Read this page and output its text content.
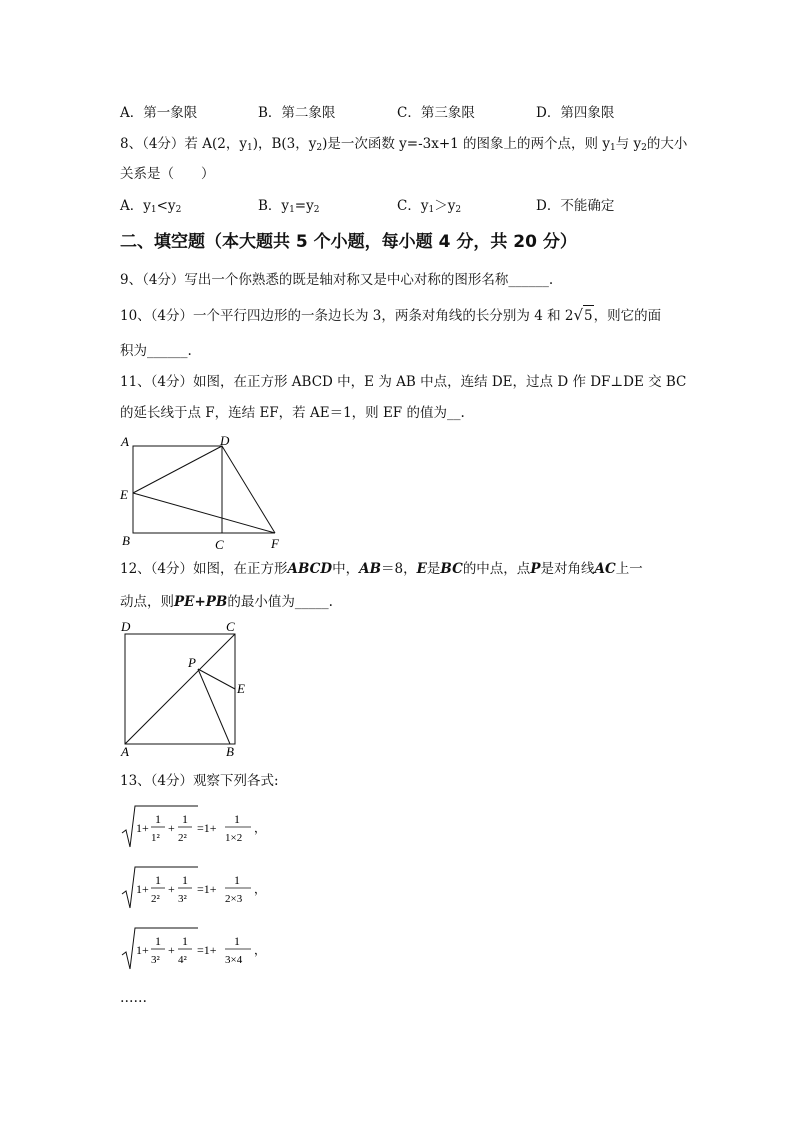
A．第一象限	B．第二象限	C．第三象限	D．第四象限
8、（4分）若 A(2，$y_1$)，B(3，$y_2$)是一次函数 y=-3x+1 的图象上的两个点，则 $y_1$与 $y_2$的大小
关系是（　　）
A．$y_1<y_2$	B．$y_1=y_2$	C．$y_1>y_2$	D．不能确定
二、填空题（本大题共 5 个小题，每小题 4 分，共 20 分）
9、（4分）写出一个你熟悉的既是轴对称又是中心对称的图形名称______.
10、（4分）一个平行四边形的一条边长为 3，两条对角线的长分别为 4 和 2√5，则它的面
积为______.
11、（4分）如图，在正方形 ABCD 中，E 为 AB 中点，连结 DE，过点 D 作 DF⊥DE 交 BC
的延长线于点 F，连结 EF，若 AE＝1，则 EF 的值为__.
A	D
E
B	C	F
12、（4分）如图，在正方形ABCD中，AB＝8，E是BC的中点，点P是对角线AC上一
动点，则PE+PB的最小值为_____.
D	C
P
E
A	B
13、（4分）观察下列各式:
1+
1
1²
+
1
2²
=1+
1
1×2
，
1+
1
2²
+
1
3²
=1+
1
2×3
，
1+
1
3²
+
1
4²
=1+
1
3×4
，
……
